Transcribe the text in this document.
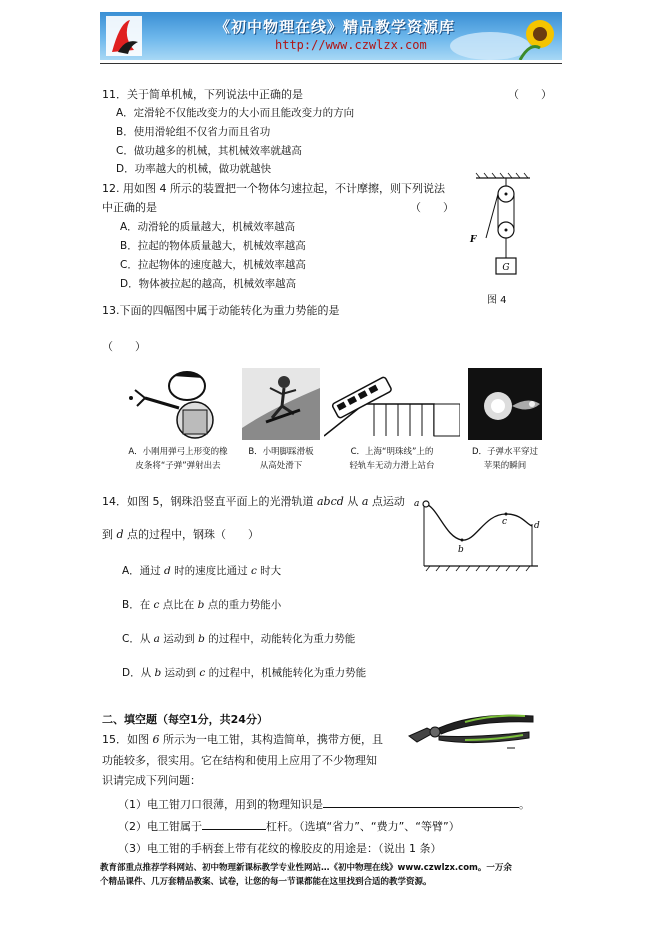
《初中物理在线》精品教学资源库
http://www.czwlzx.com
11．关于简单机械，下列说法中正确的是	（　　）
A．定滑轮不仅能改变力的大小而且能改变力的方向
B．使用滑轮组不仅省力而且省功
C．做功越多的机械，其机械效率就越高
D．功率越大的机械，做功就越快
12. 用如图 4 所示的装置把一个物体匀速拉起，不计摩擦，则下列说法
中正确的是	（　　）
A．动滑轮的质量越大，机械效率越高
B．拉起的物体质量越大，机械效率越高
C．拉起物体的速度越大，机械效率越高
D．物体被拉起的越高，机械效率越高
G
F
图 4
13.下面的四幅图中属于动能转化为重力势能的是
（　　）
A．小刚用弹弓上形变的橡
皮条将“子弹”弹射出去
B．小明脚踩滑板
从高处滑下
C．上海“明珠线”上的
轻轨车无动力滑上站台
D．子弹水平穿过
苹果的瞬间
14．如图 5，钢珠沿竖直平面上的光滑轨道 abcd 从 a 点运动
到 d 点的过程中，钢珠（　　）
A．通过 d 时的速度比通过 c 时大
B．在 c 点比在 b 点的重力势能小
C．从 a 运动到 b 的过程中，动能转化为重力势能
D．从 b 运动到 c 的过程中，机械能转化为重力势能
a
b
c	d
二、填空题（每空1分，共24分）
15．如图 6 所示为一电工钳，其构造简单，携带方便，且
功能较多，很实用。它在结构和使用上应用了不少物理知
识请完成下列问题：
（1）电工钳刀口很薄，用到的物理知识是	。
（2）电工钳属于	杠杆。（选填“省力”、“费力”、“等臂”）
（3）电工钳的手柄套上带有花纹的橡胶皮的用途是：（说出 1 条）
教育部重点推荐学科网站、初中物理新课标教学专业性网站…《初中物理在线》www.czwlzx.com。一万余
个精品课件、几万套精品教案、试卷，让您的每一节课都能在这里找到合适的教学资源。
